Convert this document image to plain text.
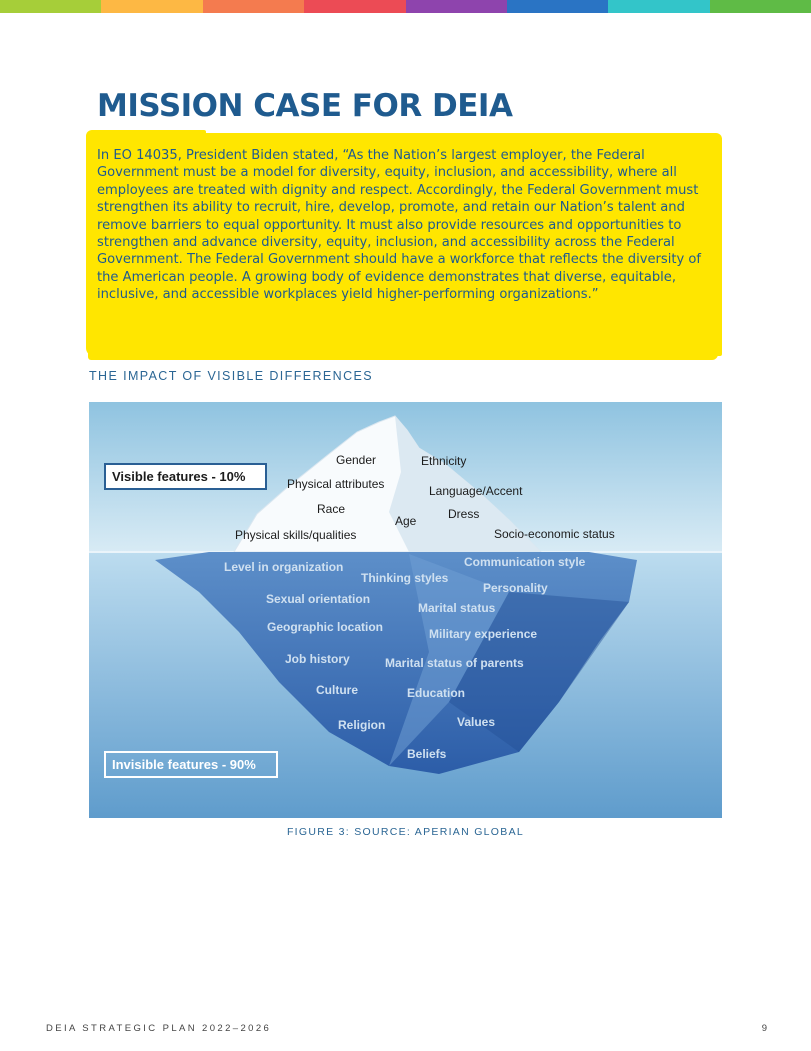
MISSION CASE FOR DEIA

In EO 14035, President Biden stated, “As the Nation’s largest employer, the Federal Government must be a model for diversity, equity, inclusion, and accessibility, where all employees are treated with dignity and respect. Accordingly, the Federal Government must strengthen its ability to recruit, hire, develop, promote, and retain our Nation’s talent and remove barriers to equal opportunity. It must also provide resources and opportunities to strengthen and advance diversity, equity, inclusion, and accessibility across the Federal Government. The Federal Government should have a workforce that reflects the diversity of the American people. A growing body of evidence demonstrates that diverse, equitable, inclusive, and accessible workplaces yield higher-performing organizations.”

THE IMPACT OF VISIBLE DIFFERENCES
Visible features - 10%
Invisible features - 90%
Gender	Ethnicity
Physical attributes	Language/Accent
Race	Dress
Age
Physical skills/qualities	Socio-economic status
Level in organization	Communication style
Thinking styles
Personality
Sexual orientation
Marital status
Geographic location	Military experience
Job history	Marital status of parents
Culture	Education
Religion	Values
Beliefs
FIGURE 3: SOURCE: APERIAN GLOBAL
DEIA STRATEGIC PLAN 2022–2026	9
